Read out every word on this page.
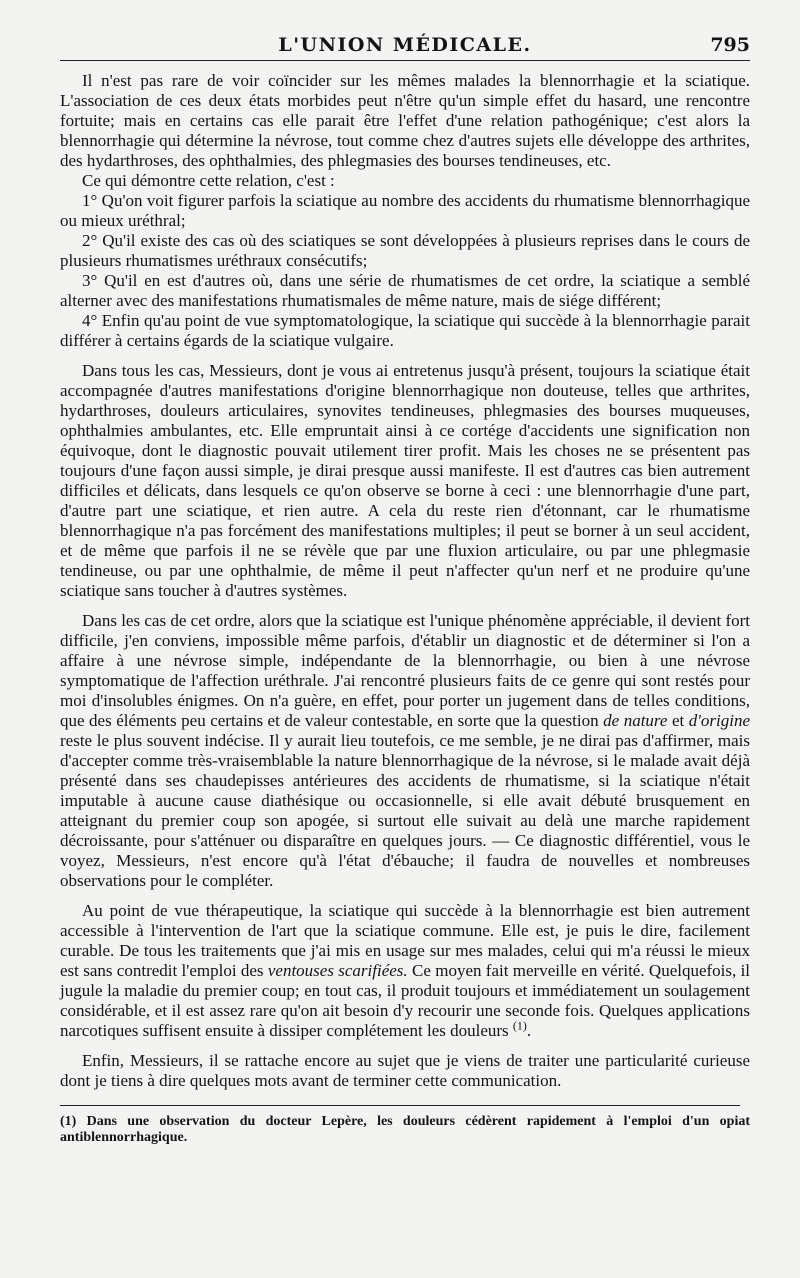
L'UNION MÉDICALE.	795

Il n'est pas rare de voir coïncider sur les mêmes malades la blennorrhagie et la sciatique. L'association de ces deux états morbides peut n'être qu'un simple effet du hasard, une rencontre fortuite; mais en certains cas elle parait être l'effet d'une relation pathogénique; c'est alors la blennorrhagie qui détermine la névrose, tout comme chez d'autres sujets elle développe des arthrites, des hydarthroses, des ophthalmies, des phlegmasies des bourses tendineuses, etc.

Ce qui démontre cette relation, c'est :

1° Qu'on voit figurer parfois la sciatique au nombre des accidents du rhumatisme blennorrhagique ou mieux uréthral;

2° Qu'il existe des cas où des sciatiques se sont développées à plusieurs reprises dans le cours de plusieurs rhumatismes uréthraux consécutifs;

3° Qu'il en est d'autres où, dans une série de rhumatismes de cet ordre, la sciatique a semblé alterner avec des manifestations rhumatismales de même nature, mais de siége différent;

4° Enfin qu'au point de vue symptomatologique, la sciatique qui succède à la blennorrhagie parait différer à certains égards de la sciatique vulgaire.

Dans tous les cas, Messieurs, dont je vous ai entretenus jusqu'à présent, toujours la sciatique était accompagnée d'autres manifestations d'origine blennorrhagique non douteuse, telles que arthrites, hydarthroses, douleurs articulaires, synovites tendineuses, phlegmasies des bourses muqueuses, ophthalmies ambulantes, etc. Elle empruntait ainsi à ce cortége d'accidents une signification non équivoque, dont le diagnostic pouvait utilement tirer profit. Mais les choses ne se présentent pas toujours d'une façon aussi simple, je dirai presque aussi manifeste. Il est d'autres cas bien autrement difficiles et délicats, dans lesquels ce qu'on observe se borne à ceci : une blennorrhagie d'une part, d'autre part une sciatique, et rien autre. A cela du reste rien d'étonnant, car le rhumatisme blennorrhagique n'a pas forcément des manifestations multiples; il peut se borner à un seul accident, et de même que parfois il ne se révèle que par une fluxion articulaire, ou par une phlegmasie tendineuse, ou par une ophthalmie, de même il peut n'affecter qu'un nerf et ne produire qu'une sciatique sans toucher à d'autres systèmes.

Dans les cas de cet ordre, alors que la sciatique est l'unique phénomène appréciable, il devient fort difficile, j'en conviens, impossible même parfois, d'établir un diagnostic et de déterminer si l'on a affaire à une névrose simple, indépendante de la blennorrhagie, ou bien à une névrose symptomatique de l'affection uréthrale. J'ai rencontré plusieurs faits de ce genre qui sont restés pour moi d'insolubles énigmes. On n'a guère, en effet, pour porter un jugement dans de telles conditions, que des éléments peu certains et de valeur contestable, en sorte que la question de nature et d'origine reste le plus souvent indécise. Il y aurait lieu toutefois, ce me semble, je ne dirai pas d'affirmer, mais d'accepter comme très-vraisemblable la nature blennorrhagique de la névrose, si le malade avait déjà présenté dans ses chaudepisses antérieures des accidents de rhumatisme, si la sciatique n'était imputable à aucune cause diathésique ou occasionnelle, si elle avait débuté brusquement en atteignant du premier coup son apogée, si surtout elle suivait au delà une marche rapidement décroissante, pour s'atténuer ou disparaître en quelques jours. — Ce diagnostic différentiel, vous le voyez, Messieurs, n'est encore qu'à l'état d'ébauche; il faudra de nouvelles et nombreuses observations pour le compléter.

Au point de vue thérapeutique, la sciatique qui succède à la blennorrhagie est bien autrement accessible à l'intervention de l'art que la sciatique commune. Elle est, je puis le dire, facilement curable. De tous les traitements que j'ai mis en usage sur mes malades, celui qui m'a réussi le mieux est sans contredit l'emploi des ventouses scarifiées. Ce moyen fait merveille en vérité. Quelquefois, il jugule la maladie du premier coup; en tout cas, il produit toujours et immédiatement un soulagement considérable, et il est assez rare qu'on ait besoin d'y recourir une seconde fois. Quelques applications narcotiques suffisent ensuite à dissiper complétement les douleurs $^{(1)}$.

Enfin, Messieurs, il se rattache encore au sujet que je viens de traiter une particularité curieuse dont je tiens à dire quelques mots avant de terminer cette communication.

(1) Dans une observation du docteur Lepère, les douleurs cédèrent rapidement à l'emploi d'un opiat antiblennorrhagique.
